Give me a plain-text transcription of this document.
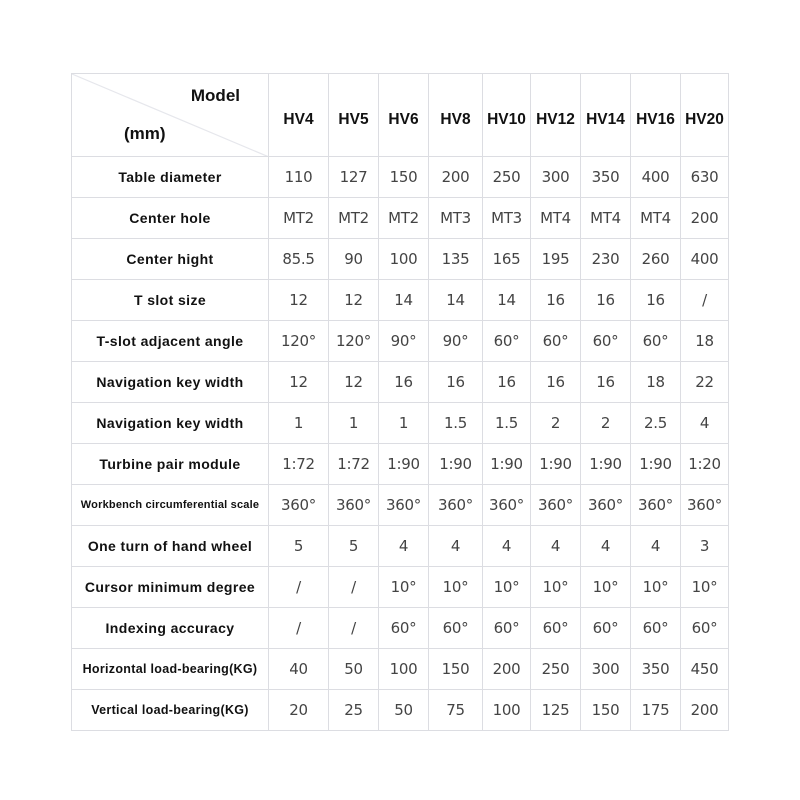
Model
(mm)	HV4	HV5	HV6	HV8	HV10	HV12	HV14	HV16	HV20
Table diameter	110	127	150	200	250	300	350	400	630
Center hole	MT2	MT2	MT2	MT3	MT3	MT4	MT4	MT4	200
Center hight	85.5	90	100	135	165	195	230	260	400
T slot size	12	12	14	14	14	16	16	16	/
T-slot adjacent angle	120°	120°	90°	90°	60°	60°	60°	60°	18
Navigation key width	12	12	16	16	16	16	16	18	22
Navigation key width	1	1	1	1.5	1.5	2	2	2.5	4
Turbine pair module	1:72	1:72	1:90	1:90	1:90	1:90	1:90	1:90	1:20
Workbench circumferential scale	360°	360°	360°	360°	360°	360°	360°	360°	360°
One turn of hand wheel	5	5	4	4	4	4	4	4	3
Cursor minimum degree	/	/	10°	10°	10°	10°	10°	10°	10°
Indexing accuracy	/	/	60°	60°	60°	60°	60°	60°	60°
Horizontal load-bearing(KG)	40	50	100	150	200	250	300	350	450
Vertical load-bearing(KG)	20	25	50	75	100	125	150	175	200
